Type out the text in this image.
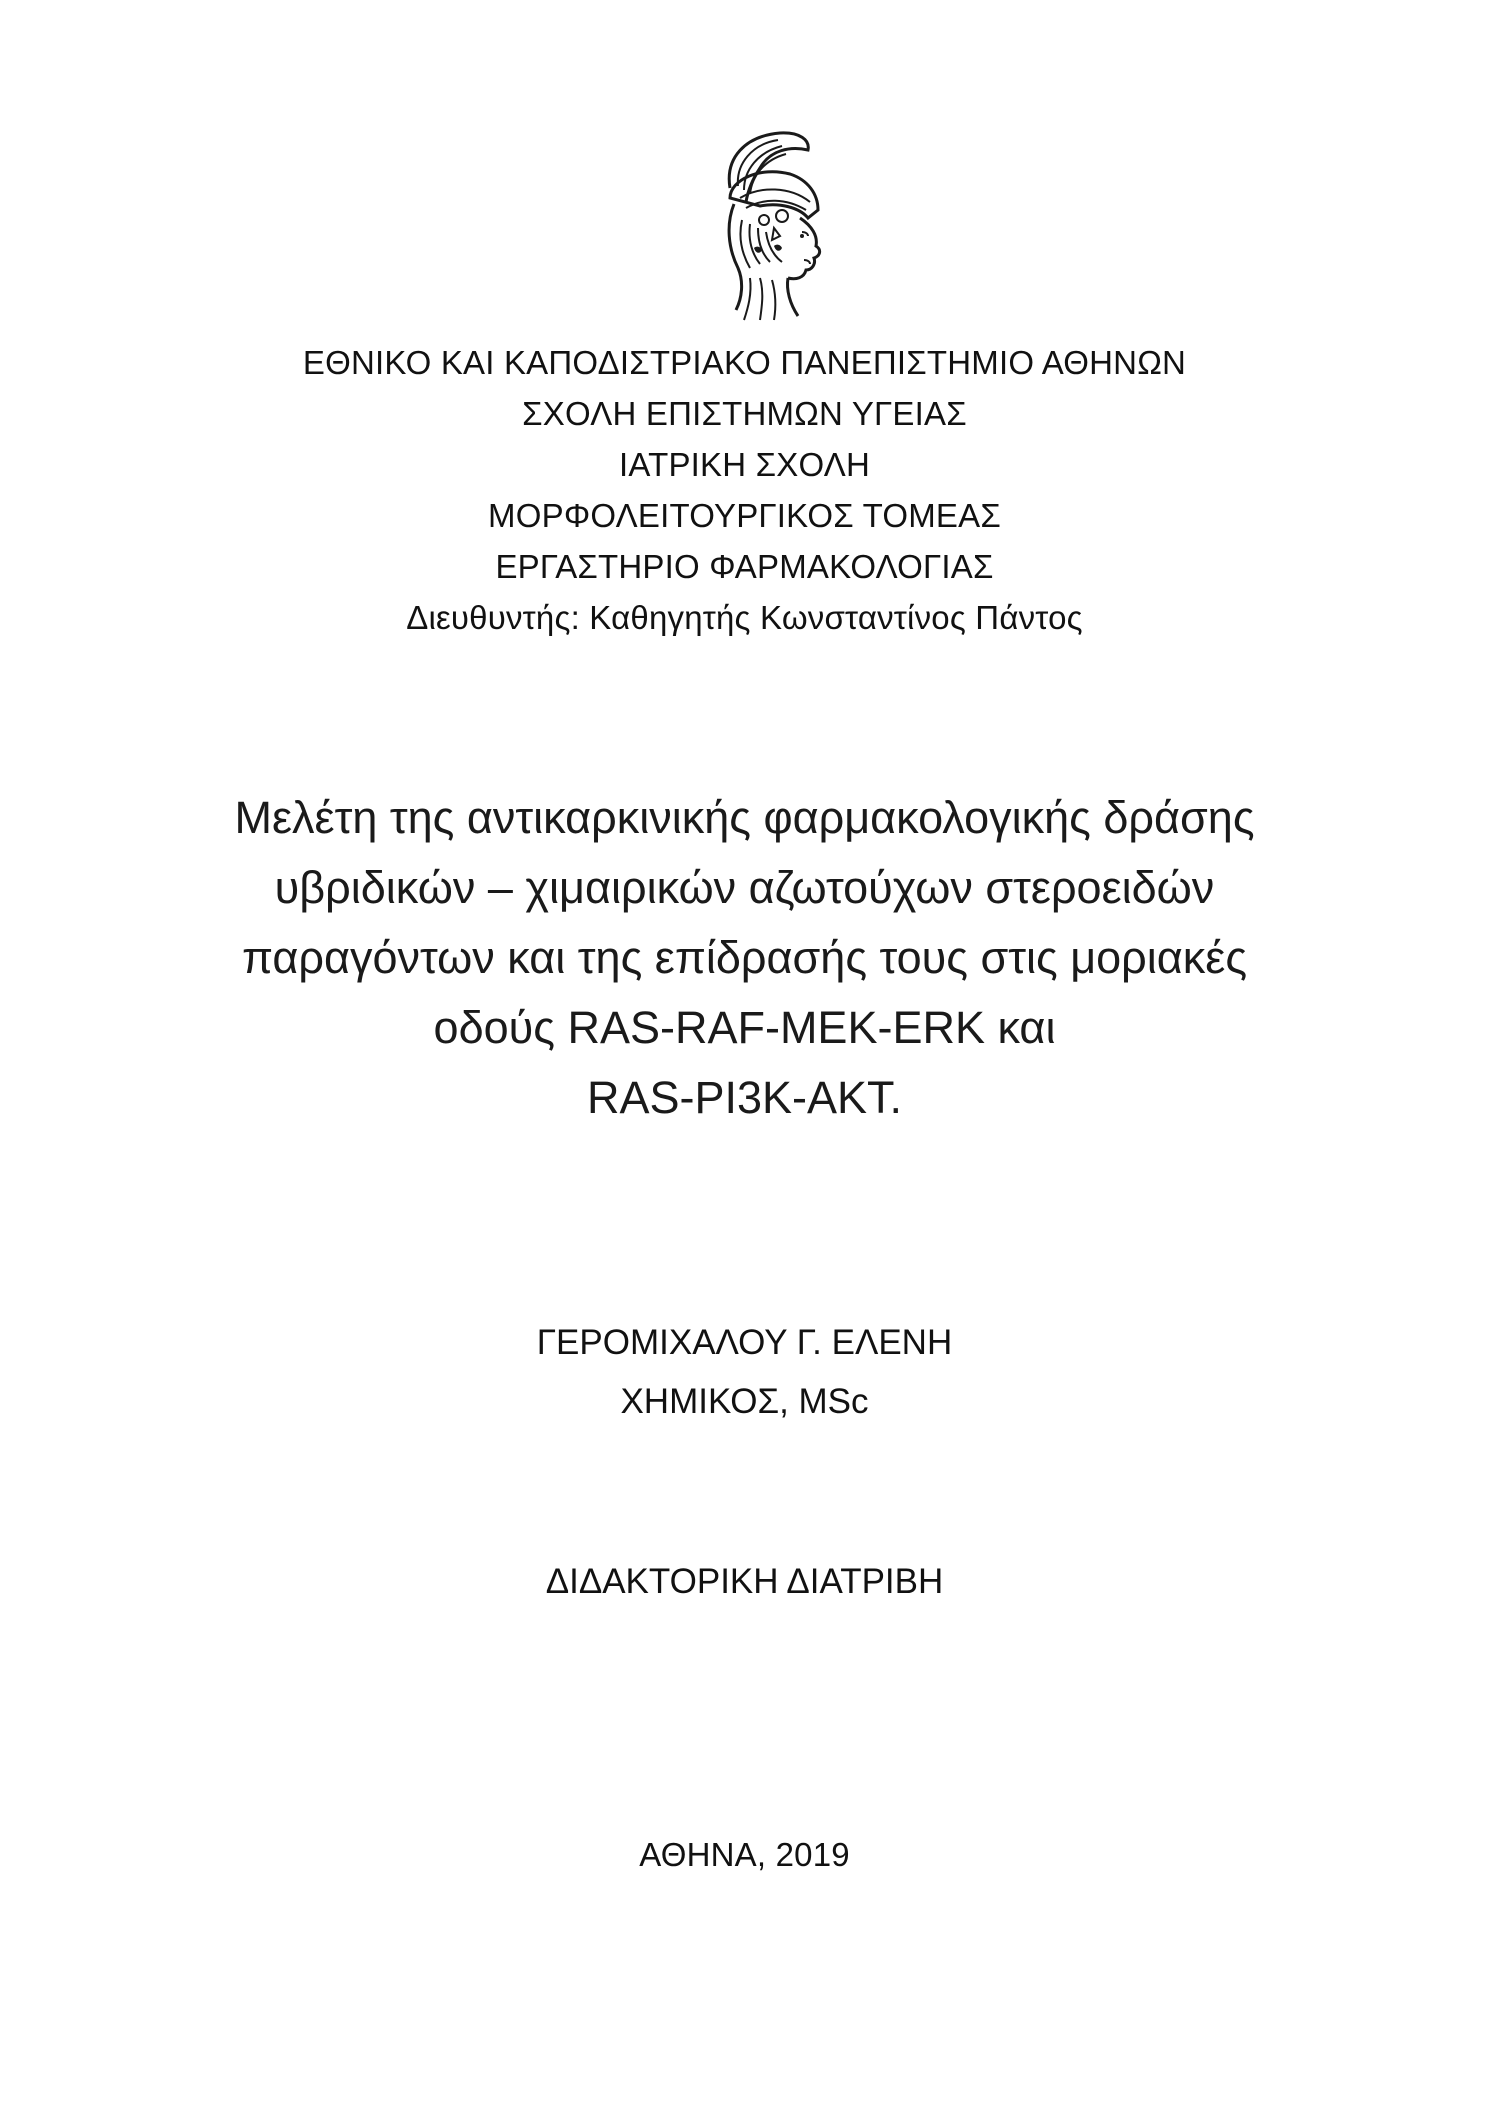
ΕΘΝΙΚΟ ΚΑΙ ΚΑΠΟΔΙΣΤΡΙΑΚΟ ΠΑΝΕΠΙΣΤΗΜΙΟ ΑΘΗΝΩΝ
ΣΧΟΛΗ ΕΠΙΣΤΗΜΩΝ ΥΓΕΙΑΣ
ΙΑΤΡΙΚΗ ΣΧΟΛΗ
ΜΟΡΦΟΛΕΙΤΟΥΡΓΙΚΟΣ ΤΟΜΕΑΣ
ΕΡΓΑΣΤΗΡΙΟ ΦΑΡΜΑΚΟΛΟΓΙΑΣ
Διευθυντής: Καθηγητής Κωνσταντίνος Πάντος
Μελέτη της αντικαρκινικής φαρμακολογικής δράσης
υβριδικών – χιμαιρικών αζωτούχων στεροειδών
παραγόντων και της επίδρασής τους στις μοριακές
οδούς RAS-RAF-MEK-ERK και
RAS-PI3K-AKT.
ΓΕΡΟΜΙΧΑΛΟΥ Γ. ΕΛΕΝΗ
ΧΗΜΙΚΟΣ, MSc
ΔΙΔΑΚΤΟΡΙΚΗ ΔΙΑΤΡΙΒΗ
ΑΘΗΝΑ, 2019
